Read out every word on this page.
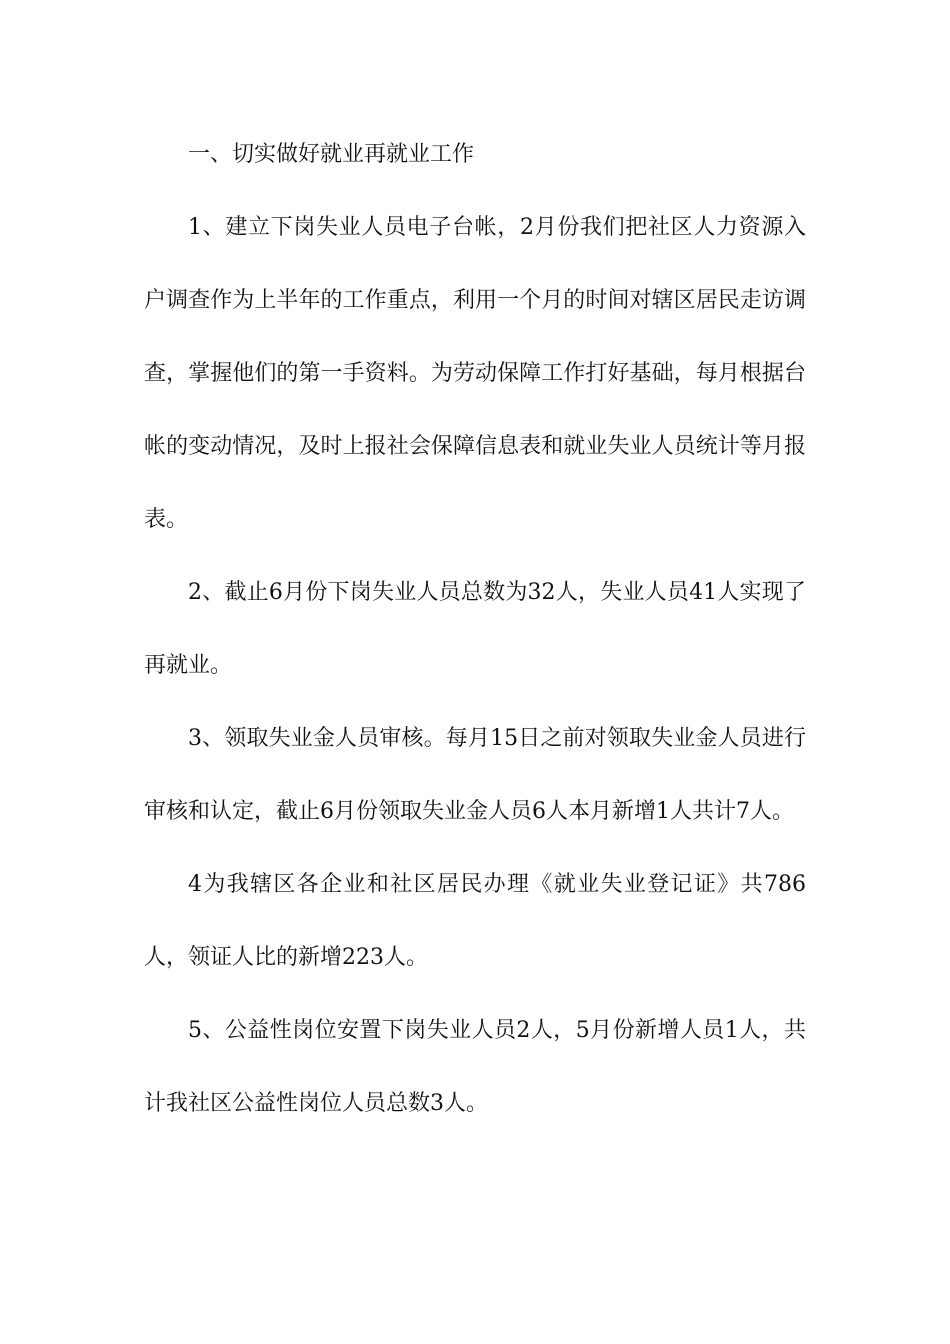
一、切实做好就业再就业工作

1、建立下岗失业人员电子台帐，2月份我们把社区人力资源入户调查作为上半年的工作重点，利用一个月的时间对辖区居民走访调查，掌握他们的第一手资料。为劳动保障工作打好基础，每月根据台帐的变动情况，及时上报社会保障信息表和就业失业人员统计等月报表。

2、截止6月份下岗失业人员总数为32人，失业人员41人实现了再就业。

3、领取失业金人员审核。每月15日之前对领取失业金人员进行审核和认定，截止6月份领取失业金人员6人本月新增1人共计7人。

4为我辖区各企业和社区居民办理《就业失业登记证》共786人，领证人比的新增223人。

5、公益性岗位安置下岗失业人员2人，5月份新增人员1人，共计我社区公益性岗位人员总数3人。
